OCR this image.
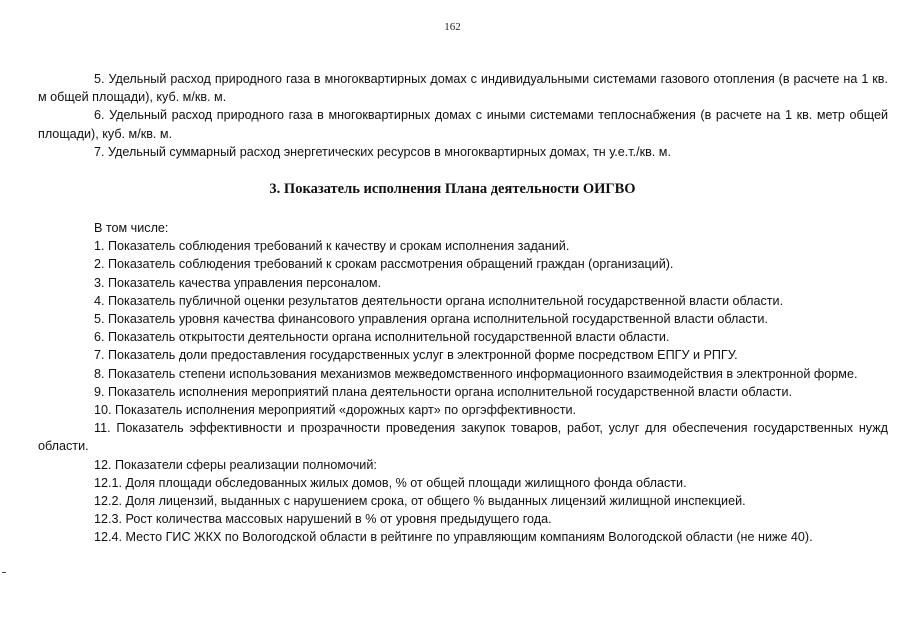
162

5. Удельный расход природного газа в многоквартирных домах с индивидуальными системами газового отопления (в расчете на 1 кв. м общей площади), куб. м/кв. м.

6. Удельный расход природного газа в многоквартирных домах с иными системами теплоснабжения (в расчете на 1 кв. метр общей площади), куб. м/кв. м.

7. Удельный суммарный расход энергетических ресурсов в многоквартирных домах, тн у.е.т./кв. м.

3. Показатель исполнения Плана деятельности ОИГВО

В том числе:

1. Показатель соблюдения требований к качеству и срокам исполнения заданий.

2. Показатель соблюдения требований к срокам рассмотрения обращений граждан (организаций).

3. Показатель качества управления персоналом.

4. Показатель публичной оценки результатов деятельности органа исполнительной государственной власти области.

5. Показатель уровня качества финансового управления органа исполнительной государственной власти области.

6. Показатель открытости деятельности органа исполнительной государственной власти области.

7. Показатель доли предоставления государственных услуг в электронной форме посредством ЕПГУ и РПГУ.

8. Показатель степени использования механизмов межведомственного информационного взаимодействия в электронной форме.

9. Показатель исполнения мероприятий плана деятельности органа исполнительной государственной власти области.

10. Показатель исполнения мероприятий «дорожных карт» по оргэффективности.

11. Показатель эффективности и прозрачности проведения закупок товаров, работ, услуг для обеспечения государственных нужд области.

12. Показатели сферы реализации полномочий:

12.1. Доля площади обследованных жилых домов, % от общей площади жилищного фонда области.

12.2. Доля лицензий, выданных с нарушением срока, от общего % выданных лицензий жилищной инспекцией.

12.3. Рост количества массовых нарушений в % от уровня предыдущего года.

12.4. Место ГИС ЖКХ по Вологодской области в рейтинге по управляющим компаниям Вологодской области (не ниже 40).
